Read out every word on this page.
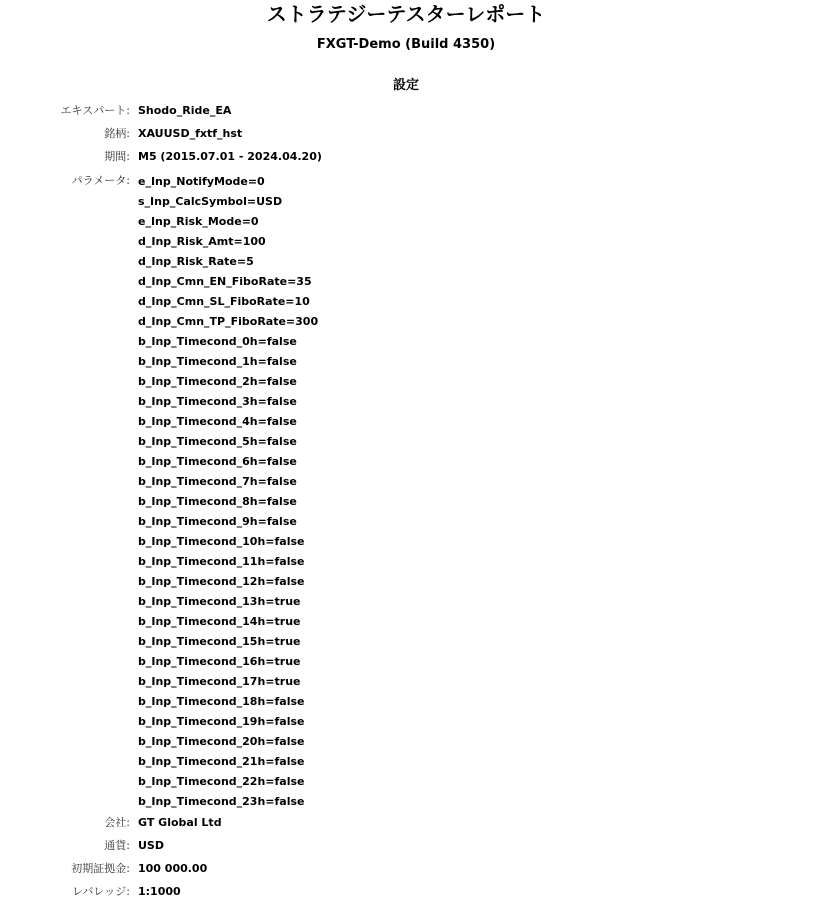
ストラテジーテスターレポート
FXGT-Demo (Build 4350)
設定
エキスパート: Shodo_Ride_EA
銘柄: XAUUSD_fxtf_hst
期間: M5 (2015.07.01 - 2024.04.20)
パラメータ: e_Inp_NotifyMode=0
s_Inp_CalcSymbol=USD
e_Inp_Risk_Mode=0
d_Inp_Risk_Amt=100
d_Inp_Risk_Rate=5
d_Inp_Cmn_EN_FiboRate=35
d_Inp_Cmn_SL_FiboRate=10
d_Inp_Cmn_TP_FiboRate=300
b_Inp_Timecond_0h=false
b_Inp_Timecond_1h=false
b_Inp_Timecond_2h=false
b_Inp_Timecond_3h=false
b_Inp_Timecond_4h=false
b_Inp_Timecond_5h=false
b_Inp_Timecond_6h=false
b_Inp_Timecond_7h=false
b_Inp_Timecond_8h=false
b_Inp_Timecond_9h=false
b_Inp_Timecond_10h=false
b_Inp_Timecond_11h=false
b_Inp_Timecond_12h=false
b_Inp_Timecond_13h=true
b_Inp_Timecond_14h=true
b_Inp_Timecond_15h=true
b_Inp_Timecond_16h=true
b_Inp_Timecond_17h=true
b_Inp_Timecond_18h=false
b_Inp_Timecond_19h=false
b_Inp_Timecond_20h=false
b_Inp_Timecond_21h=false
b_Inp_Timecond_22h=false
b_Inp_Timecond_23h=false
会社: GT Global Ltd
通貨: USD
初期証拠金: 100 000.00
レバレッジ: 1:1000
